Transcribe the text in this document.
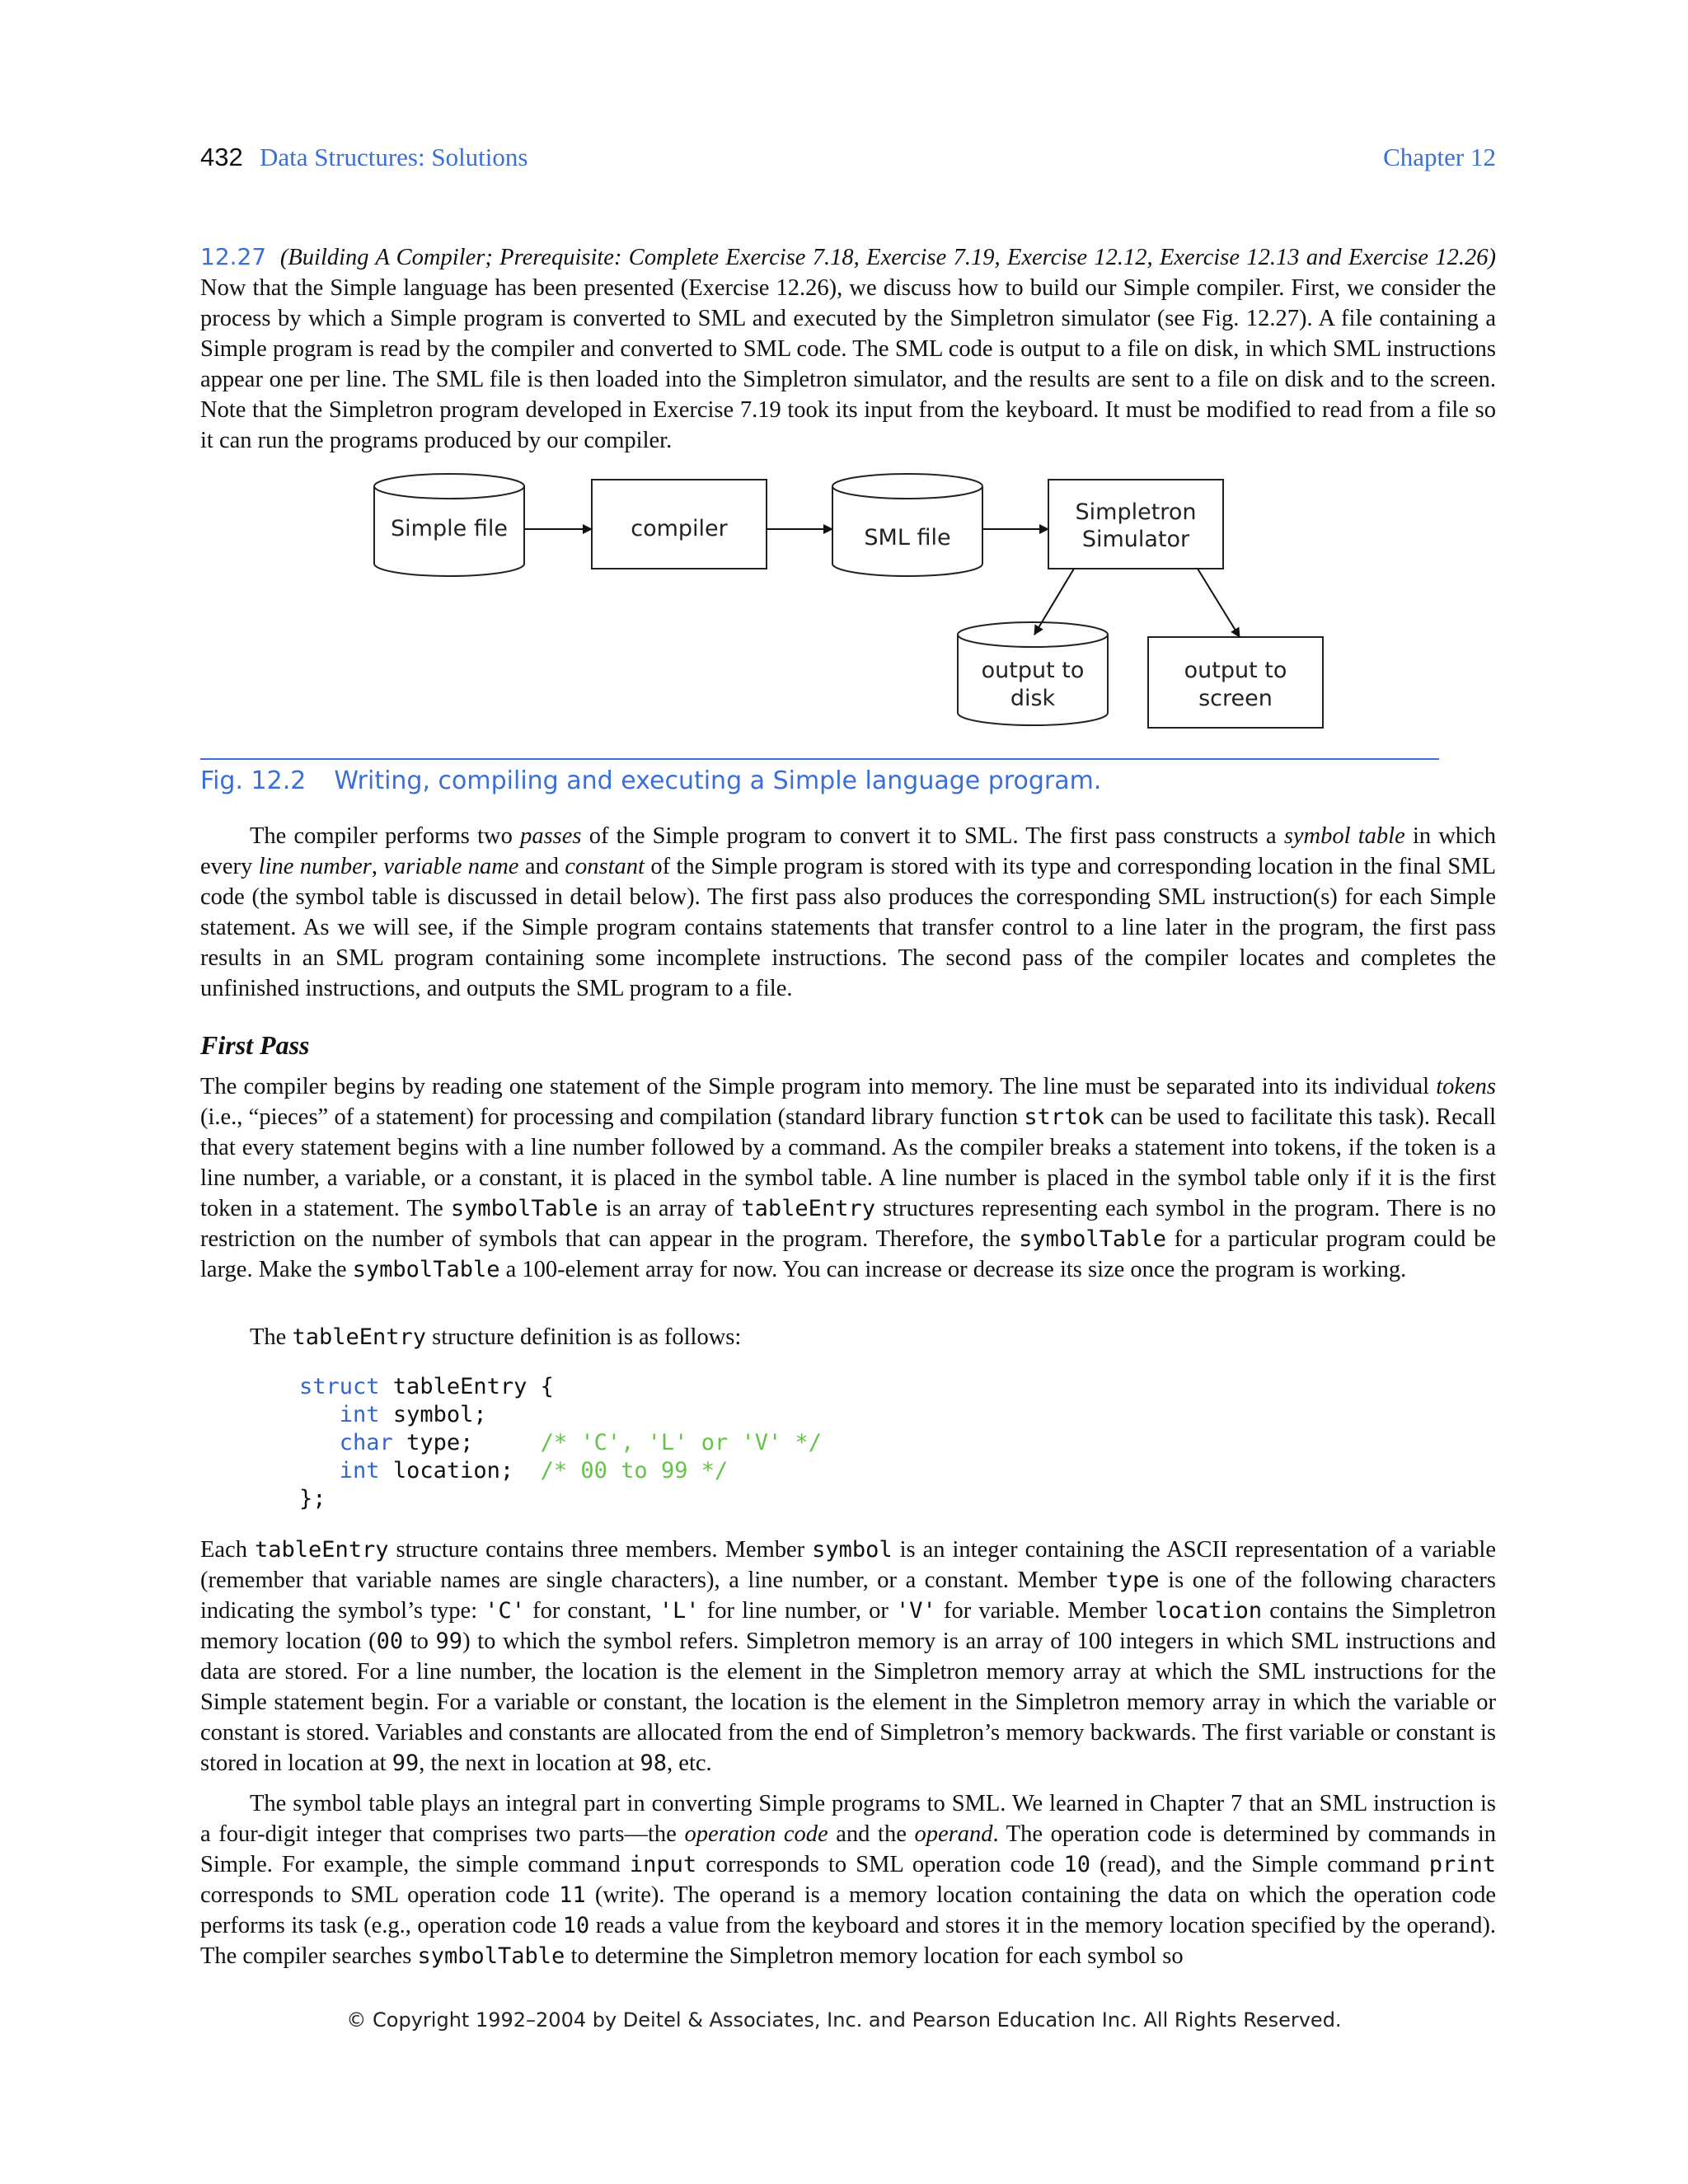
432 Data Structures: Solutions	Chapter 12

12.27 (Building A Compiler; Prerequisite: Complete Exercise 7.18, Exercise 7.19, Exercise 12.12, Exercise 12.13 and Exercise 12.26) Now that the Simple language has been presented (Exercise 12.26), we discuss how to build our Simple compiler. First, we consider the process by which a Simple program is converted to SML and executed by the Simpletron simulator (see Fig. 12.27). A file containing a Simple program is read by the compiler and converted to SML code. The SML code is output to a file on disk, in which SML instructions appear one per line. The SML file is then loaded into the Simpletron simulator, and the results are sent to a file on disk and to the screen. Note that the Simpletron program developed in Exercise 7.19 took its input from the keyboard. It must be modified to read from a file so it can run the programs produced by our compiler.

Simple file	compiler	SML file
Simpletron
Simulator
output to
disk
output to
screen
Fig. 12.2 Writing, compiling and executing a Simple language program.

The compiler performs two passes of the Simple program to convert it to SML. The first pass constructs a symbol table in which every line number, variable name and constant of the Simple program is stored with its type and corresponding location in the final SML code (the symbol table is discussed in detail below). The first pass also produces the corresponding SML instruction(s) for each Simple statement. As we will see, if the Simple program contains statements that transfer control to a line later in the program, the first pass results in an SML program containing some incomplete instructions. The second pass of the compiler locates and completes the unfinished instructions, and outputs the SML program to a file.

First Pass

The compiler begins by reading one statement of the Simple program into memory. The line must be separated into its individual tokens (i.e., “pieces” of a statement) for processing and compilation (standard library function strtok can be used to facilitate this task). Recall that every statement begins with a line number followed by a command. As the compiler breaks a statement into tokens, if the token is a line number, a variable, or a constant, it is placed in the symbol table. A line number is placed in the symbol table only if it is the first token in a statement. The symbolTable is an array of tableEntry structures representing each symbol in the program. There is no restriction on the number of symbols that can appear in the program. Therefore, the symbolTable for a particular program could be large. Make the symbolTable a 100-element array for now. You can increase or decrease its size once the program is working.

The tableEntry structure definition is as follows:

struct tableEntry {
int symbol;
char type;     /* 'C', 'L' or 'V' */
int location;  /* 00 to 99 */
};

Each tableEntry structure contains three members. Member symbol is an integer containing the ASCII representation of a variable (remember that variable names are single characters), a line number, or a constant. Member type is one of the following characters indicating the symbol’s type: 'C' for constant, 'L' for line number, or 'V' for variable. Member location contains the Simpletron memory location (00 to 99) to which the symbol refers. Simpletron memory is an array of 100 integers in which SML instructions and data are stored. For a line number, the location is the element in the Simpletron memory array at which the SML instructions for the Simple statement begin. For a variable or constant, the location is the element in the Simpletron memory array in which the variable or constant is stored. Variables and constants are allocated from the end of Simpletron’s memory backwards. The first variable or constant is stored in location at 99, the next in location at 98, etc.

The symbol table plays an integral part in converting Simple programs to SML. We learned in Chapter 7 that an SML instruction is a four-digit integer that comprises two parts—the operation code and the operand. The operation code is determined by commands in Simple. For example, the simple command input corresponds to SML operation code 10 (read), and the Simple command print corresponds to SML operation code 11 (write). The operand is a memory location containing the data on which the operation code performs its task (e.g., operation code 10 reads a value from the keyboard and stores it in the memory location specified by the operand). The compiler searches symbolTable to determine the Simpletron memory location for each symbol so

© Copyright 1992–2004 by Deitel & Associates, Inc. and Pearson Education Inc. All Rights Reserved.
